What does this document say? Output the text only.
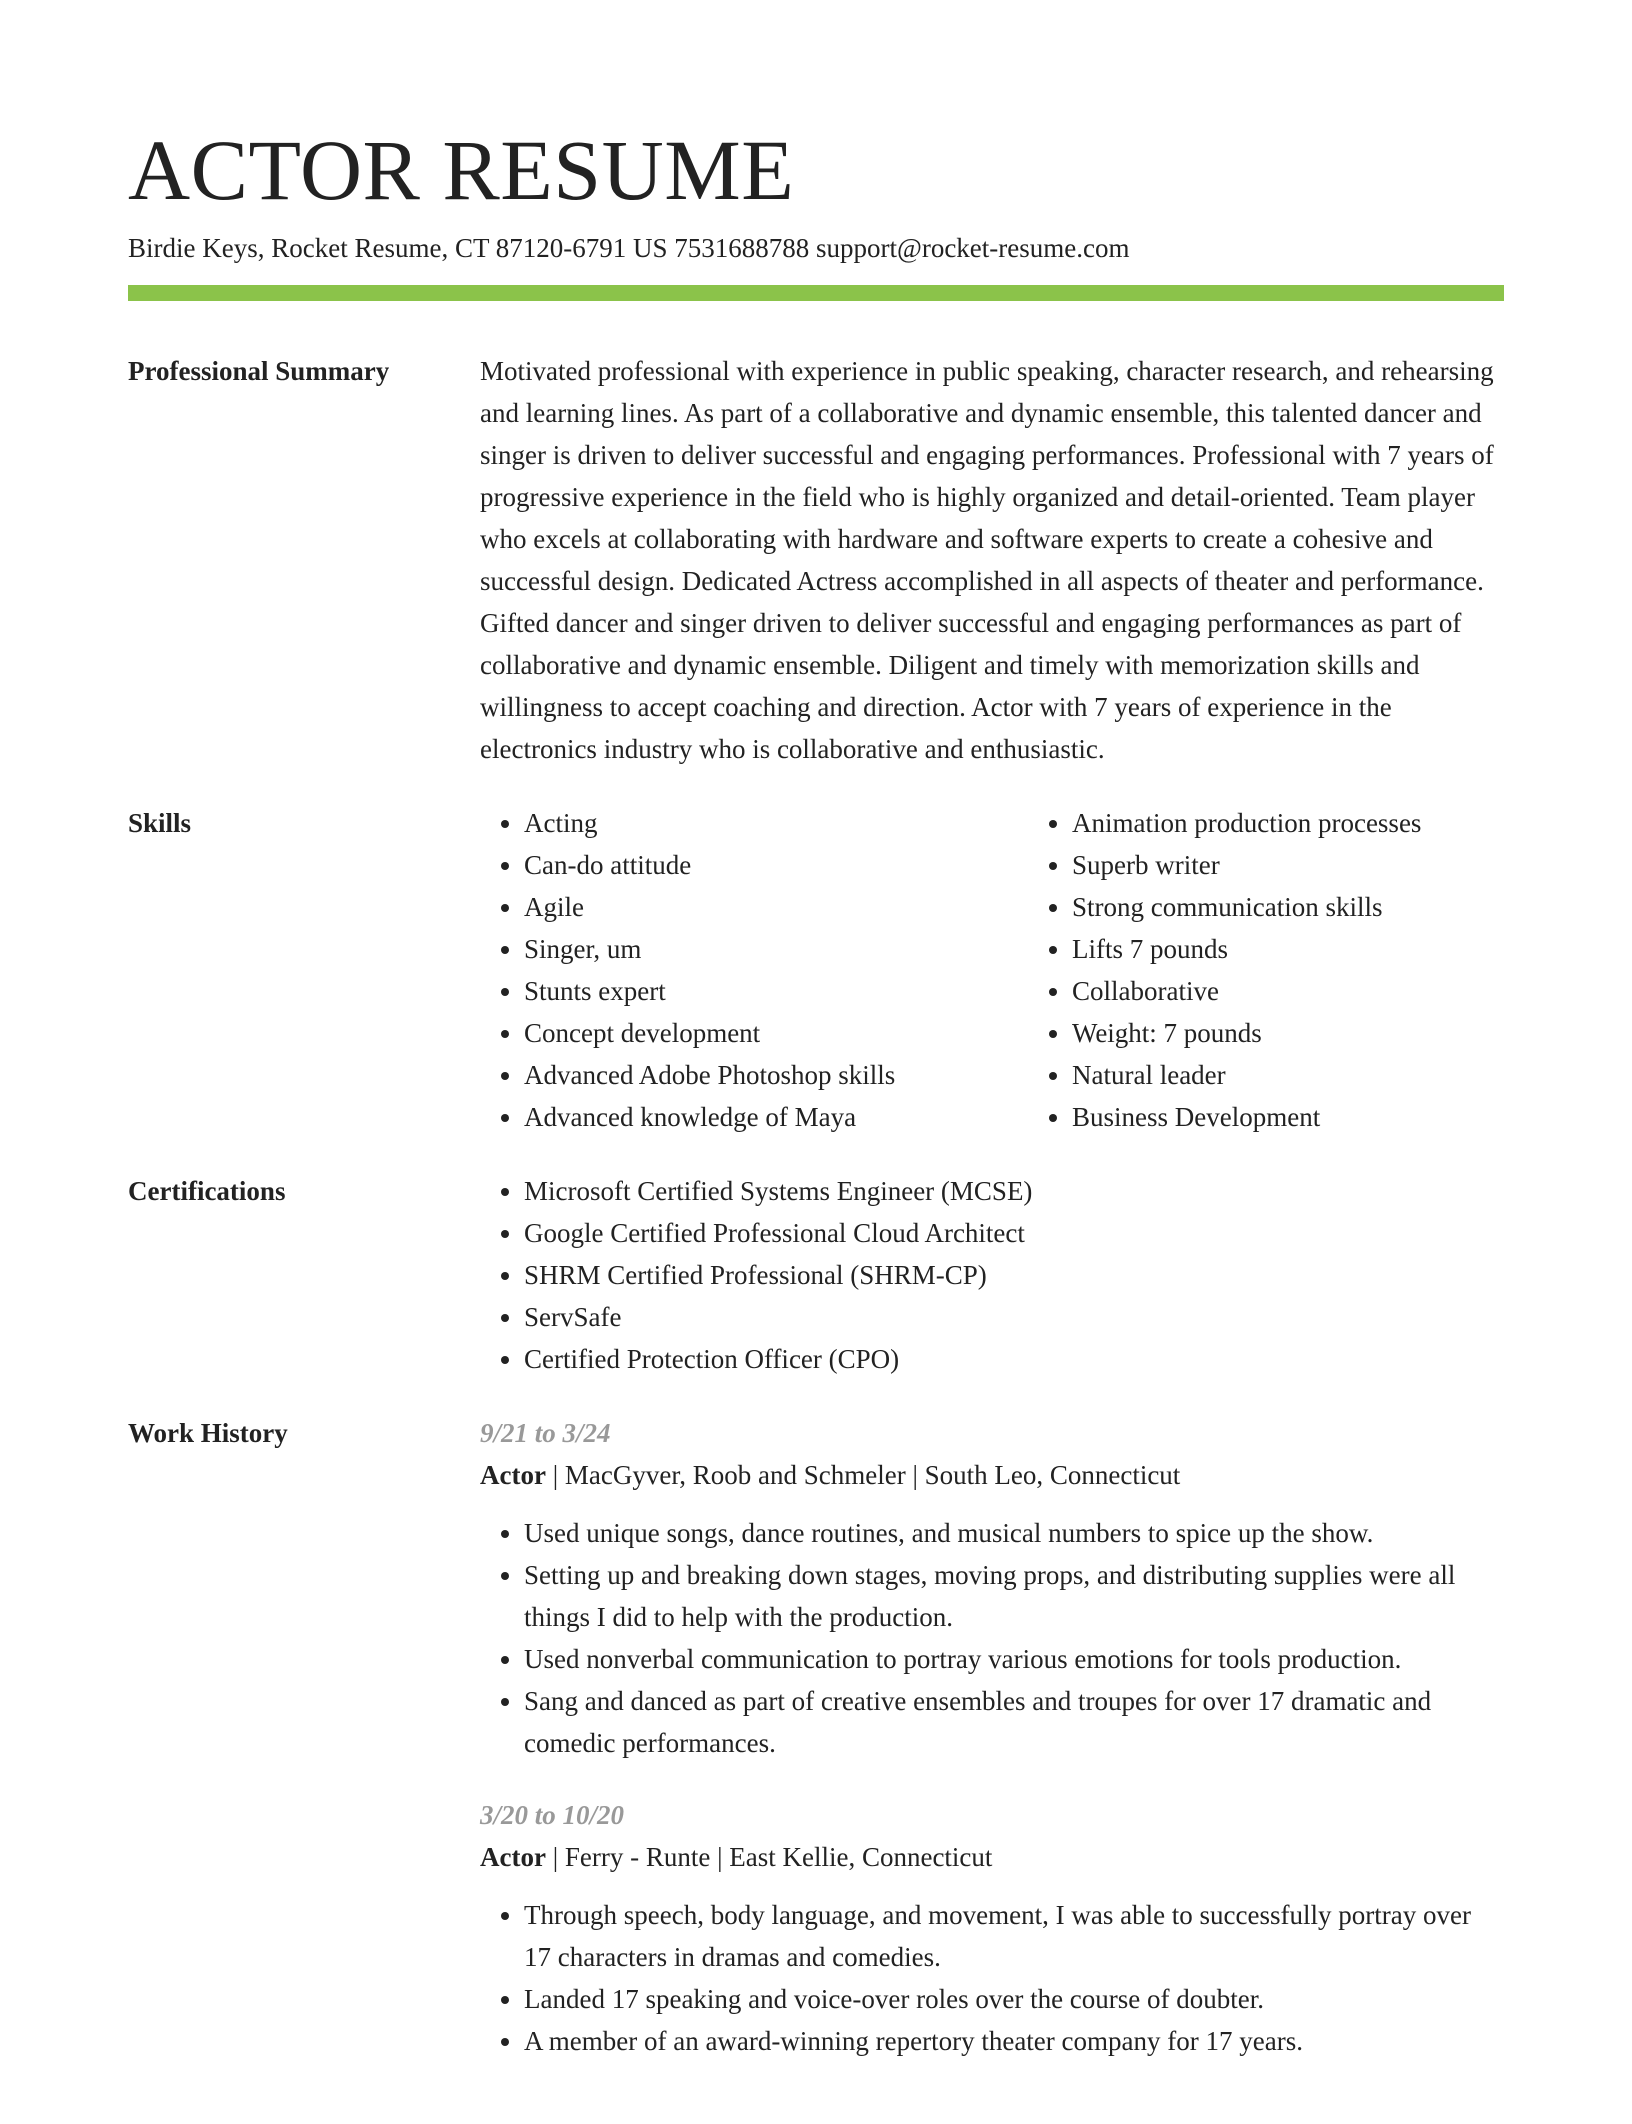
ACTOR RESUME
Birdie Keys, Rocket Resume, CT 87120-6791 US 7531688788 support@rocket-resume.com
Professional Summary	Motivated professional with experience in public speaking, character research, and rehearsing and learning lines. As part of a collaborative and dynamic ensemble, this talented dancer and singer is driven to deliver successful and engaging performances. Professional with 7 years of progressive experience in the field who is highly organized and detail-oriented. Team player who excels at collaborating with hardware and software experts to create a cohesive and successful design. Dedicated Actress accomplished in all aspects of theater and performance. Gifted dancer and singer driven to deliver successful and engaging performances as part of collaborative and dynamic ensemble. Diligent and timely with memorization skills and willingness to accept coaching and direction. Actor with 7 years of experience in the electronics industry who is collaborative and enthusiastic.

Skills	• Acting
• Can-do attitude
• Agile
• Singer, um
• Stunts expert
• Concept development
• Advanced Adobe Photoshop skills
• Advanced knowledge of Maya
• Animation production processes
• Superb writer
• Strong communication skills
• Lifts 7 pounds
• Collaborative
• Weight: 7 pounds
• Natural leader
• Business Development
Certifications	• Microsoft Certified Systems Engineer (MCSE)
• Google Certified Professional Cloud Architect
• SHRM Certified Professional (SHRM-CP)
• ServSafe
• Certified Protection Officer (CPO)
Work History	9/21 to 3/24
Actor | MacGyver, Roob and Schmeler | South Leo, Connecticut
• Used unique songs, dance routines, and musical numbers to spice up the show.
• Setting up and breaking down stages, moving props, and distributing supplies were all things I did to help with the production.
• Used nonverbal communication to portray various emotions for tools production.
• Sang and danced as part of creative ensembles and troupes for over 17 dramatic and comedic performances.
3/20 to 10/20
Actor | Ferry - Runte | East Kellie, Connecticut
• Through speech, body language, and movement, I was able to successfully portray over 17 characters in dramas and comedies.
• Landed 17 speaking and voice-over roles over the course of doubter.
• A member of an award-winning repertory theater company for 17 years.
